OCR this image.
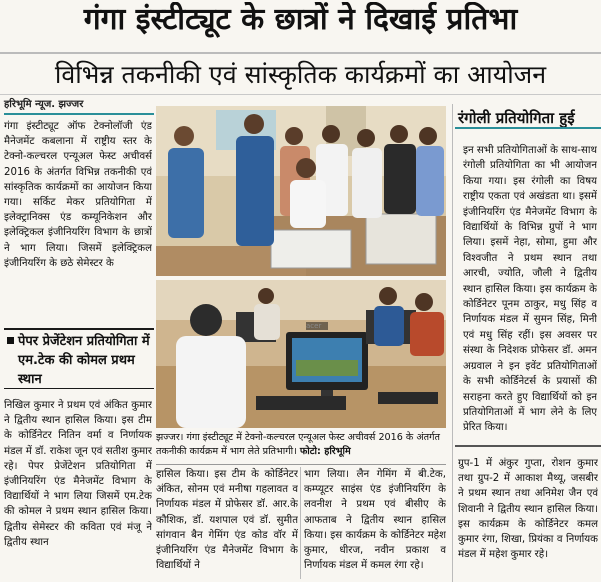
गंगा इंस्टीट्यूट के छात्रों ने दिखाई प्रतिभा
विभिन्न तकनीकी एवं सांस्कृतिक कार्यक्रमों का आयोजन
हरिभूमि न्यूज. झज्जर
गंगा इंस्टीट्यूट ऑफ टेक्नोलॉजी एंड मैनेजमेंट कबलाना में राष्ट्रीय स्तर के टेक्नो-कल्चरल एन्यूअल फेस्ट अचीवर्स 2016 के अंतर्गत विभिन्न तकनीकी एवं सांस्कृतिक कार्यक्रमों का आयोजन किया गया। सर्किट मेकर प्रतियोगिता में इलेक्ट्रानिक्स एंड कम्यूनिकेशन और इलेक्ट्रिकल इंजीनियरिंग विभाग के छात्रों ने भाग लिया। जिसमें इलेक्ट्रिकल इंजीनियरिंग के छठे सेमेस्टर के
पेपर प्रेजेंटेशन प्रतियोगिता में एम.टेक की कोमल प्रथम स्थान
निखिल कुमार ने प्रथम एवं अंकित कुमार ने द्वितीय स्थान हासिल किया। इस टीम के कोर्डिनेटर नितिन वर्मा व निर्णायक मंडल में डॉ. राकेश जून एवं सतीश कुमार रहे। पेपर प्रेजेंटेशन प्रतियोगिता में इंजीनियरिंग एंड मैनेजमेंट विभाग के विद्यार्थियों ने भाग लिया जिसमें एम.टेक की कोमल ने प्रथम स्थान हासिल किया। द्वितीय सेमेस्टर की कविता एवं मंजू ने द्वितीय स्थान
झज्जर। गंगा इंस्टीट्यूट में टेक्नो-कल्चरल एन्यूअल फेस्ट अचीवर्स 2016 के अंतर्गत तकनीकी कार्यक्रम में भाग लेते प्रतिभागी। फोटो: हरिभूमि
हासिल किया। इस टीम के कोर्डिनेटर अंकित, सोनम एवं मनीषा गहलावत व निर्णायक मंडल में प्रोफेसर डॉ. आर.के कौशिक, डॉ. यशपाल एवं डॉ. सुमीत सांगवान बैन गेमिंग एंड कोड वॉर में इंजीनियरिंग एंड मैनेजमेंट विभाग के विद्यार्थियों ने
भाग लिया। लैन गेमिंग में बी.टेक, कम्प्यूटर साइंस एंड इंजीनियरिंग के लवनीश ने प्रथम एवं बीसीए के आफताब ने द्वितीय स्थान हासिल किया। इस कार्यक्रम के कोर्डिनेटर महेश कुमार, धीरज, नवीन प्रकाश व निर्णायक मंडल में कमल रंगा रहे।
रंगोली प्रतियोगिता हुई
इन सभी प्रतियोगिताओं के साथ-साथ रंगोली प्रतियोगिता का भी आयोजन किया गया। इस रंगोली का विषय राष्ट्रीय एकता एवं अखंडता था। इसमें इंजीनियरिंग एंड मैनेजमेंट विभाग के विद्यार्थियों के विभिन्न ग्रुपों ने भाग लिया। इसमें नेहा, सोमा, हुमा और विश्वजीत ने प्रथम स्थान तथा आरची, ज्योति, जौली ने द्वितीय स्थान हासिल किया। इस कार्यक्रम के कोर्डिनेटर पूनम ठाकुर, मधु सिंह व निर्णायक मंडल में सुमन सिंह, मिनी एवं मधु सिंह रहीं। इस अवसर पर संस्था के निदेशक प्रोफेसर डॉ. अमन अग्रवाल ने इन इवेंट प्रतियोगिताओं के सभी कोर्डिनेटर्स के प्रयासों की सराहना करते हुए विद्यार्थियों को इन प्रतियोगिताओं में भाग लेने के लिए प्रेरित किया।
ग्रुप-1 में अंकुर गुप्ता, रोशन कुमार तथा ग्रुप-2 में आकाश मैथ्यू, जसबीर ने प्रथम स्थान तथा अनिमेश जैन एवं शिवानी ने द्वितीय स्थान हासिल किया। इस कार्यक्रम के कोर्डिनेटर कमल कुमार रंगा, शिखा, प्रियंका व निर्णायक मंडल में महेश कुमार रहे।
